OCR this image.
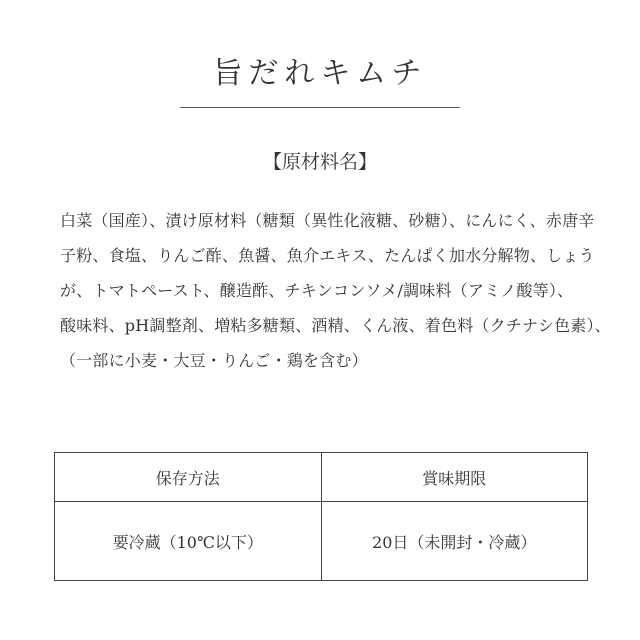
旨だれキムチ
【原材料名】
白菜（国産）、漬け原材料（糖類（異性化液糖、砂糖）、にんにく、赤唐辛
子粉、食塩、りんご酢、魚醤、魚介エキス、たんぱく加水分解物、しょう
が、トマトペースト、醸造酢、チキンコンソメ/調味料（アミノ酸等）、
酸味料、pH調整剤、増粘多糖類、酒精、くん液、着色料（クチナシ色素）、
（一部に小麦・大豆・りんご・鶏を含む）
保存方法	賞味期限
要冷蔵（10℃以下）	20日（未開封・冷蔵）
